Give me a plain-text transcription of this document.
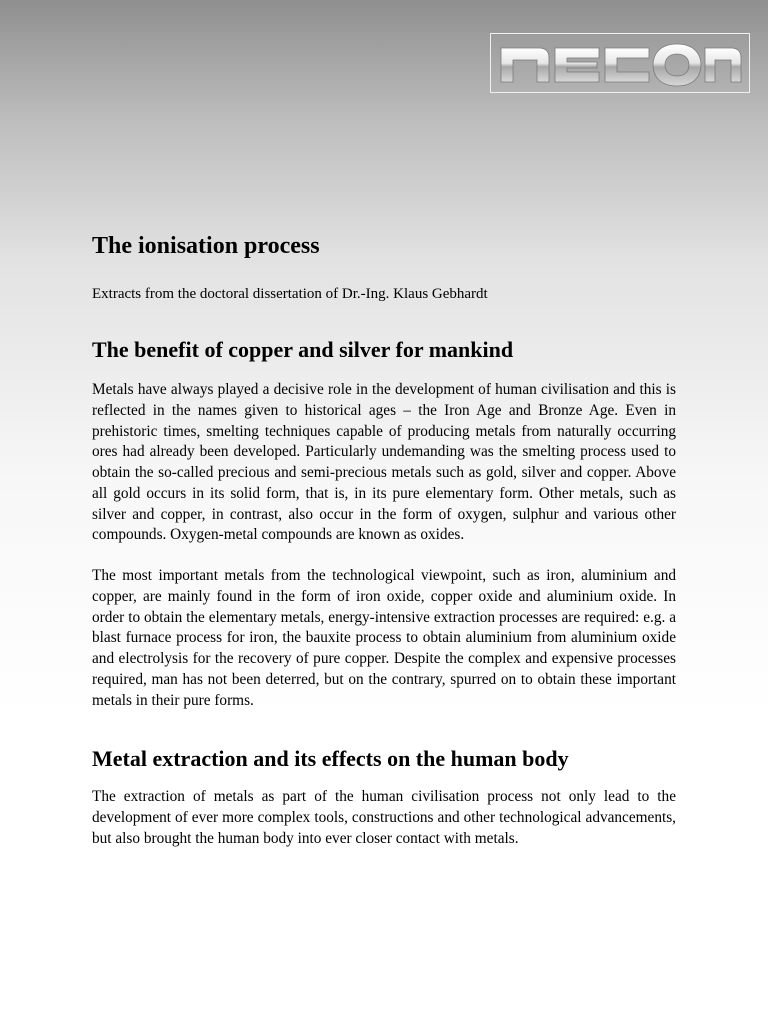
The ionisation process
Extracts from the doctoral dissertation of Dr.-Ing. Klaus Gebhardt
The benefit of copper and silver for mankind

Metals have always played a decisive role in the development of human civilisation and this is reflected in the names given to historical ages – the Iron Age and Bronze Age. Even in prehistoric times, smelting techniques capable of producing metals from naturally occurring ores had already been developed. Particularly undemanding was the smelting process used to obtain the so-called precious and semi-precious metals such as gold, silver and copper. Above all gold occurs in its solid form, that is, in its pure elementary form. Other metals, such as silver and copper, in contrast, also occur in the form of oxygen, sulphur and various other compounds. Oxygen-metal compounds are known as oxides.

The most important metals from the technological viewpoint, such as iron, aluminium and copper, are mainly found in the form of iron oxide, copper oxide and aluminium oxide. In order to obtain the elementary metals, energy-intensive extraction processes are required: e.g. a blast furnace process for iron, the bauxite process to obtain aluminium from aluminium oxide and electrolysis for the recovery of pure copper. Despite the complex and expensive processes required, man has not been deterred, but on the contrary, spurred on to obtain these important metals in their pure forms.

Metal extraction and its effects on the human body

The extraction of metals as part of the human civilisation process not only lead to the development of ever more complex tools, constructions and other technological advancements, but also brought the human body into ever closer contact with metals.
